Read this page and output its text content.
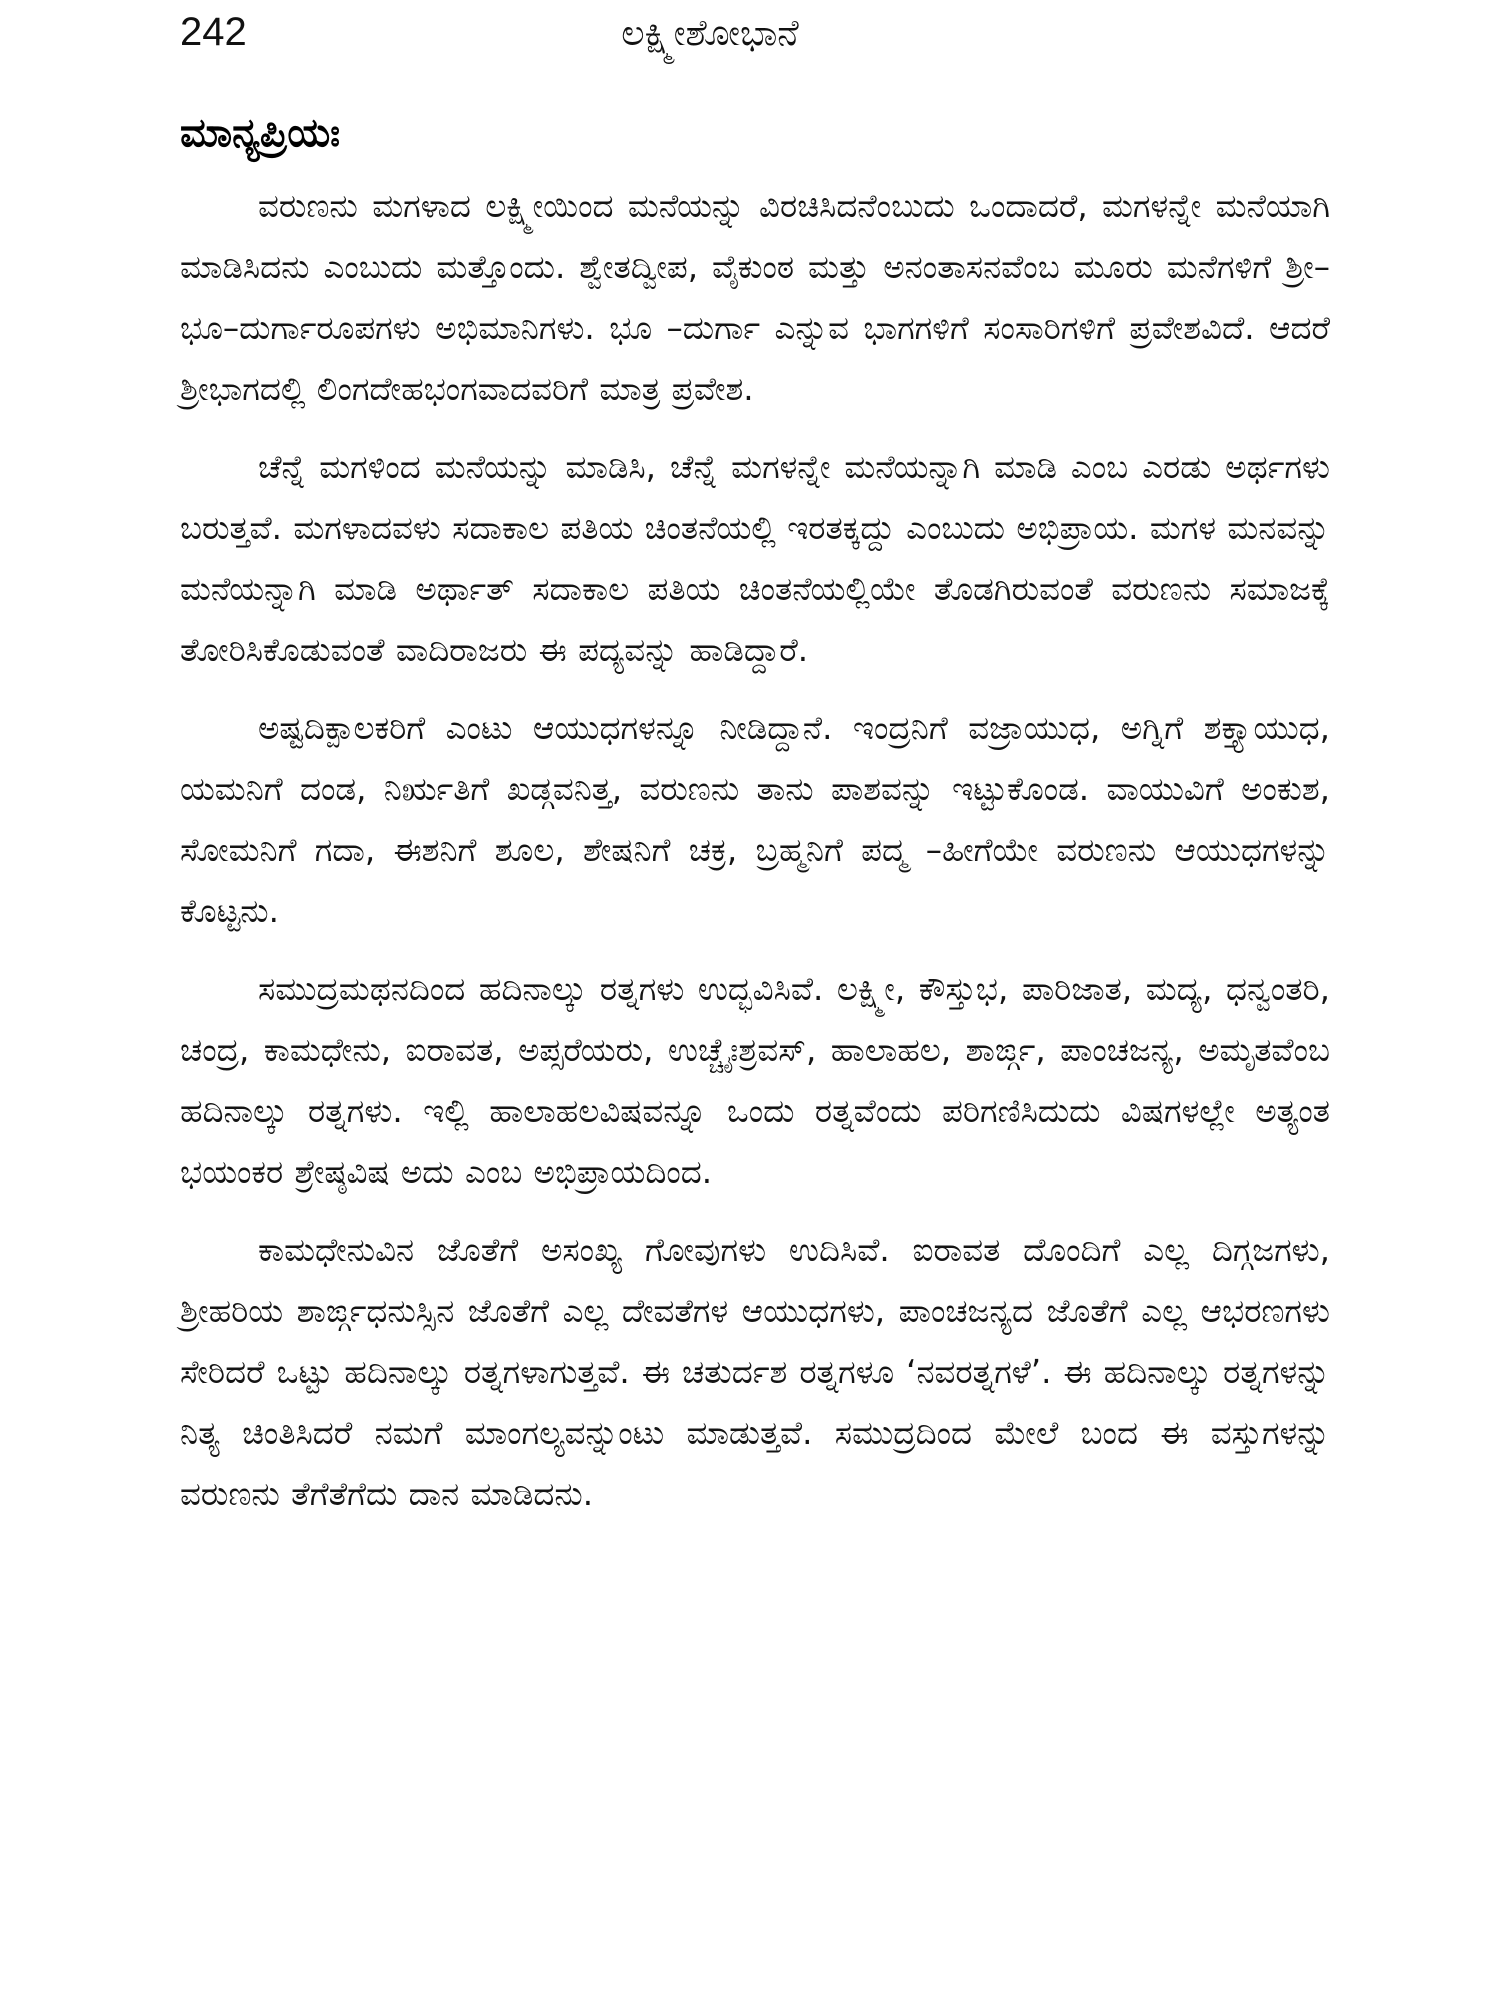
242	ಲಕ್ಷ್ಮೀಶೋಭಾನೆ
ಮಾನ್ಯಪ್ರಿಯಃ

ವರುಣನು ಮಗಳಾದ ಲಕ್ಷ್ಮೀಯಿಂದ ಮನೆಯನ್ನು ವಿರಚಿಸಿದನೆಂಬುದು ಒಂದಾದರೆ, ಮಗಳನ್ನೇ ಮನೆಯಾಗಿ ಮಾಡಿಸಿದನು ಎಂಬುದು ಮತ್ತೊಂದು. ಶ್ವೇತದ್ವೀಪ, ವೈಕುಂಠ ಮತ್ತು ಅನಂತಾಸನವೆಂಬ ಮೂರು ಮನೆಗಳಿಗೆ ಶ್ರೀ–ಭೂ–ದುರ್ಗಾರೂಪಗಳು ಅಭಿಮಾನಿಗಳು. ಭೂ –ದುರ್ಗಾ ಎನ್ನುವ ಭಾಗಗಳಿಗೆ ಸಂಸಾರಿಗಳಿಗೆ ಪ್ರವೇಶವಿದೆ. ಆದರೆ ಶ್ರೀಭಾಗದಲ್ಲಿ ಲಿಂಗದೇಹಭಂಗವಾದವರಿಗೆ ಮಾತ್ರ ಪ್ರವೇಶ.

ಚೆನ್ನೆ ಮಗಳಿಂದ ಮನೆಯನ್ನು ಮಾಡಿಸಿ, ಚೆನ್ನೆ ಮಗಳನ್ನೇ ಮನೆಯನ್ನಾಗಿ ಮಾಡಿ ಎಂಬ ಎರಡು ಅರ್ಥಗಳು ಬರುತ್ತವೆ. ಮಗಳಾದವಳು ಸದಾಕಾಲ ಪತಿಯ ಚಿಂತನೆಯಲ್ಲಿ ಇರತಕ್ಕದ್ದು ಎಂಬುದು ಅಭಿಪ್ರಾಯ. ಮಗಳ ಮನವನ್ನು ಮನೆಯನ್ನಾಗಿ ಮಾಡಿ ಅರ್ಥಾತ್ ಸದಾಕಾಲ ಪತಿಯ ಚಿಂತನೆಯಲ್ಲಿಯೇ ತೊಡಗಿರುವಂತೆ ವರುಣನು ಸಮಾಜಕ್ಕೆ ತೋರಿಸಿಕೊಡುವಂತೆ ವಾದಿರಾಜರು ಈ ಪದ್ಯವನ್ನು ಹಾಡಿದ್ದಾರೆ.

ಅಷ್ಟದಿಕ್ಪಾಲಕರಿಗೆ ಎಂಟು ಆಯುಧಗಳನ್ನೂ ನೀಡಿದ್ದಾನೆ. ಇಂದ್ರನಿಗೆ ವಜ್ರಾಯುಧ, ಅಗ್ನಿಗೆ ಶಕ್ತ್ಯಾಯುಧ, ಯಮನಿಗೆ ದಂಡ, ನಿರ್ಋತಿಗೆ ಖಡ್ಗವನಿತ್ತ, ವರುಣನು ತಾನು ಪಾಶವನ್ನು ಇಟ್ಟುಕೊಂಡ. ವಾಯುವಿಗೆ ಅಂಕುಶ, ಸೋಮನಿಗೆ ಗದಾ, ಈಶನಿಗೆ ಶೂಲ, ಶೇಷನಿಗೆ ಚಕ್ರ, ಬ್ರಹ್ಮನಿಗೆ ಪದ್ಮ –ಹೀಗೆಯೇ ವರುಣನು ಆಯುಧಗಳನ್ನು ಕೊಟ್ಟನು.

ಸಮುದ್ರಮಥನದಿಂದ ಹದಿನಾಲ್ಕು ರತ್ನಗಳು ಉದ್ಭವಿಸಿವೆ. ಲಕ್ಷ್ಮೀ, ಕೌಸ್ತುಭ, ಪಾರಿಜಾತ, ಮದ್ಯ, ಧನ್ವಂತರಿ, ಚಂದ್ರ, ಕಾಮಧೇನು, ಐರಾವತ, ಅಪ್ಸರೆಯರು, ಉಚ್ಚೈಃಶ್ರವಸ್, ಹಾಲಾಹಲ, ಶಾರ್ಙ್ಗ, ಪಾಂಚಜನ್ಯ, ಅಮೃತವೆಂಬ ಹದಿನಾಲ್ಕು ರತ್ನಗಳು. ಇಲ್ಲಿ ಹಾಲಾಹಲವಿಷವನ್ನೂ ಒಂದು ರತ್ನವೆಂದು ಪರಿಗಣಿಸಿದುದು ವಿಷಗಳಲ್ಲೇ ಅತ್ಯಂತ ಭಯಂಕರ ಶ್ರೇಷ್ಠವಿಷ ಅದು ಎಂಬ ಅಭಿಪ್ರಾಯದಿಂದ.

ಕಾಮಧೇನುವಿನ ಜೊತೆಗೆ ಅಸಂಖ್ಯ ಗೋವುಗಳು ಉದಿಸಿವೆ. ಐರಾವತ ದೊಂದಿಗೆ ಎಲ್ಲ ದಿಗ್ಗಜಗಳು, ಶ್ರೀಹರಿಯ ಶಾರ್ಙ್ಗಧನುಸ್ಸಿನ ಜೊತೆಗೆ ಎಲ್ಲ ದೇವತೆಗಳ ಆಯುಧಗಳು, ಪಾಂಚಜನ್ಯದ ಜೊತೆಗೆ ಎಲ್ಲ ಆಭರಣಗಳು ಸೇರಿದರೆ ಒಟ್ಟು ಹದಿನಾಲ್ಕು ರತ್ನಗಳಾಗುತ್ತವೆ. ಈ ಚತುರ್ದಶ ರತ್ನಗಳೂ ‘ನವರತ್ನಗಳೆ’. ಈ ಹದಿನಾಲ್ಕು ರತ್ನಗಳನ್ನು ನಿತ್ಯ ಚಿಂತಿಸಿದರೆ ನಮಗೆ ಮಾಂಗಲ್ಯವನ್ನುಂಟು ಮಾಡುತ್ತವೆ. ಸಮುದ್ರದಿಂದ ಮೇಲೆ ಬಂದ ಈ ವಸ್ತುಗಳನ್ನು ವರುಣನು ತೆಗೆತೆಗೆದು ದಾನ ಮಾಡಿದನು.
